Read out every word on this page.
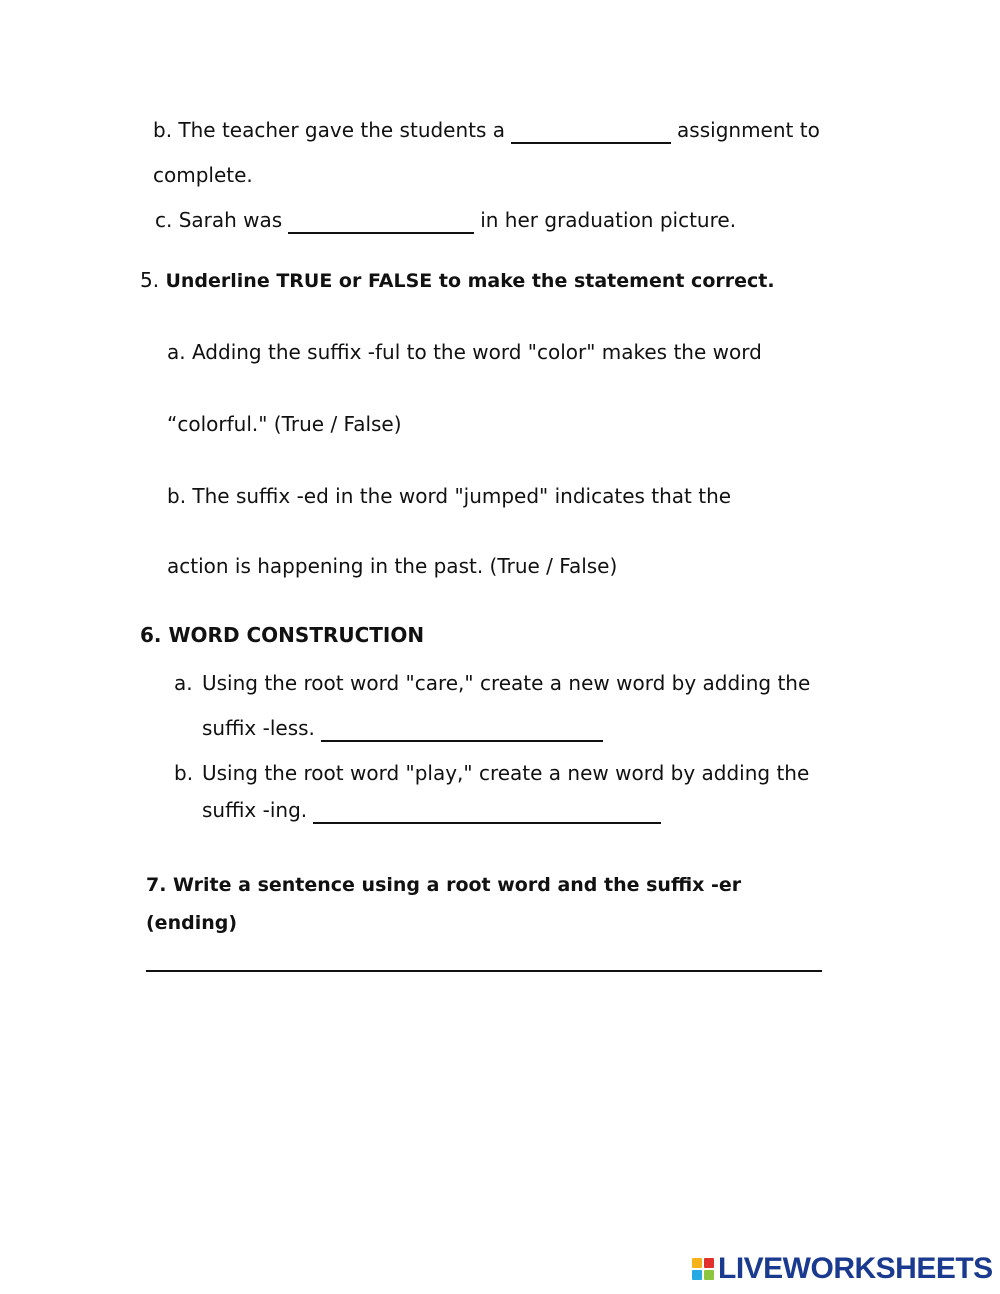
b. The teacher gave the students a	assignment to
complete.
c. Sarah was	in her graduation picture.
5. Underline TRUE or FALSE to make the statement correct.
a. Adding the suffix -ful to the word "color" makes the word
“colorful." (True / False)
b. The suffix -ed in the word "jumped" indicates that the
action is happening in the past. (True / False)
6. WORD CONSTRUCTION
a. Using the root word "care," create a new word by adding the
suffix -less.
b. Using the root word "play," create a new word by adding the
suffix -ing.
7. Write a sentence using a root word and the suffix -er
(ending)
LIVEWORKSHEETS
